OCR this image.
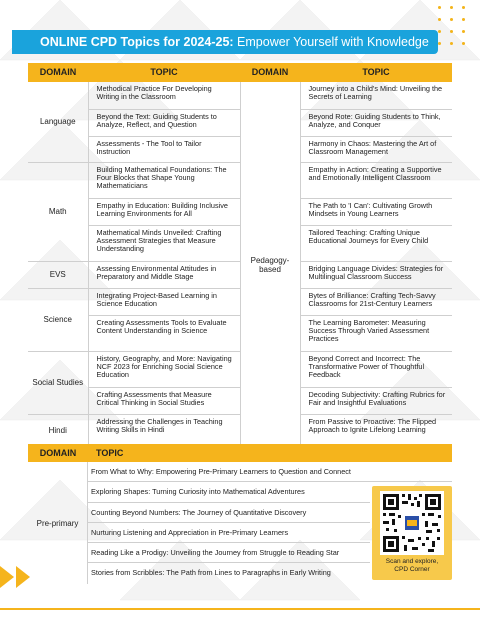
ONLINE CPD Topics for 2024-25: Empower Yourself with Knowledge
DOMAIN	TOPIC	DOMAIN	TOPIC
Language	Methodical Practice For Developing Writing in the Classroom	Pedagogy-based	Journey into a Child's Mind: Unveiling the Secrets of Learning
	Beyond the Text: Guiding Students to Analyze, Reflect, and Question		Beyond Rote: Guiding Students to Think, Analyze, and Conquer
	Assessments - The Tool to Tailor Instruction		Harmony in Chaos: Mastering the Art of Classroom Management
Math	Building Mathematical Foundations: The Four Blocks that Shape Young Mathematicians		Empathy in Action: Creating a Supportive and Emotionally Intelligent Classroom
	Empathy in Education: Building Inclusive Learning Environments for All		The Path to 'I Can': Cultivating Growth Mindsets in Young Learners
	Mathematical Minds Unveiled: Crafting Assessment Strategies that Measure Understanding		Tailored Teaching: Crafting Unique Educational Journeys for Every Child
EVS	Assessing Environmental Attitudes in Preparatory and Middle Stage		Bridging Language Divides: Strategies for Multilingual Classroom Success
Science	Integrating Project-Based Learning in Science Education		Bytes of Brilliance: Crafting Tech-Savvy Classrooms for 21st-Century Learners
	Creating Assessments Tools to Evaluate Content Understanding in Science		The Learning Barometer: Measuring Success Through Varied Assessment Practices
Social Studies	History, Geography, and More: Navigating NCF 2023 for Enriching Social Science Education		Beyond Correct and Incorrect: The Transformative Power of Thoughtful Feedback
	Crafting Assessments that Measure Critical Thinking in Social Studies		Decoding Subjectivity: Crafting Rubrics for Fair and Insightful Evaluations
Hindi	Addressing the Challenges in Teaching Writing Skills in Hindi		From Passive to Proactive: The Flipped Approach to Ignite Lifelong Learning
DOMAIN	TOPIC
Pre-primary
From What to Why: Empowering Pre-Primary Learners to Question and Connect
Exploring Shapes: Turning Curiosity into Mathematical Adventures
Counting Beyond Numbers: The Journey of Quantitative Discovery
Nurturing Listening and Appreciation in Pre-Primary Learners
Reading Like a Prodigy: Unveiling the Journey from Struggle to Reading Star
Stories from Scribbles: The Path from Lines to Paragraphs in Early Writing
Scan and explore,
CPD Corner
